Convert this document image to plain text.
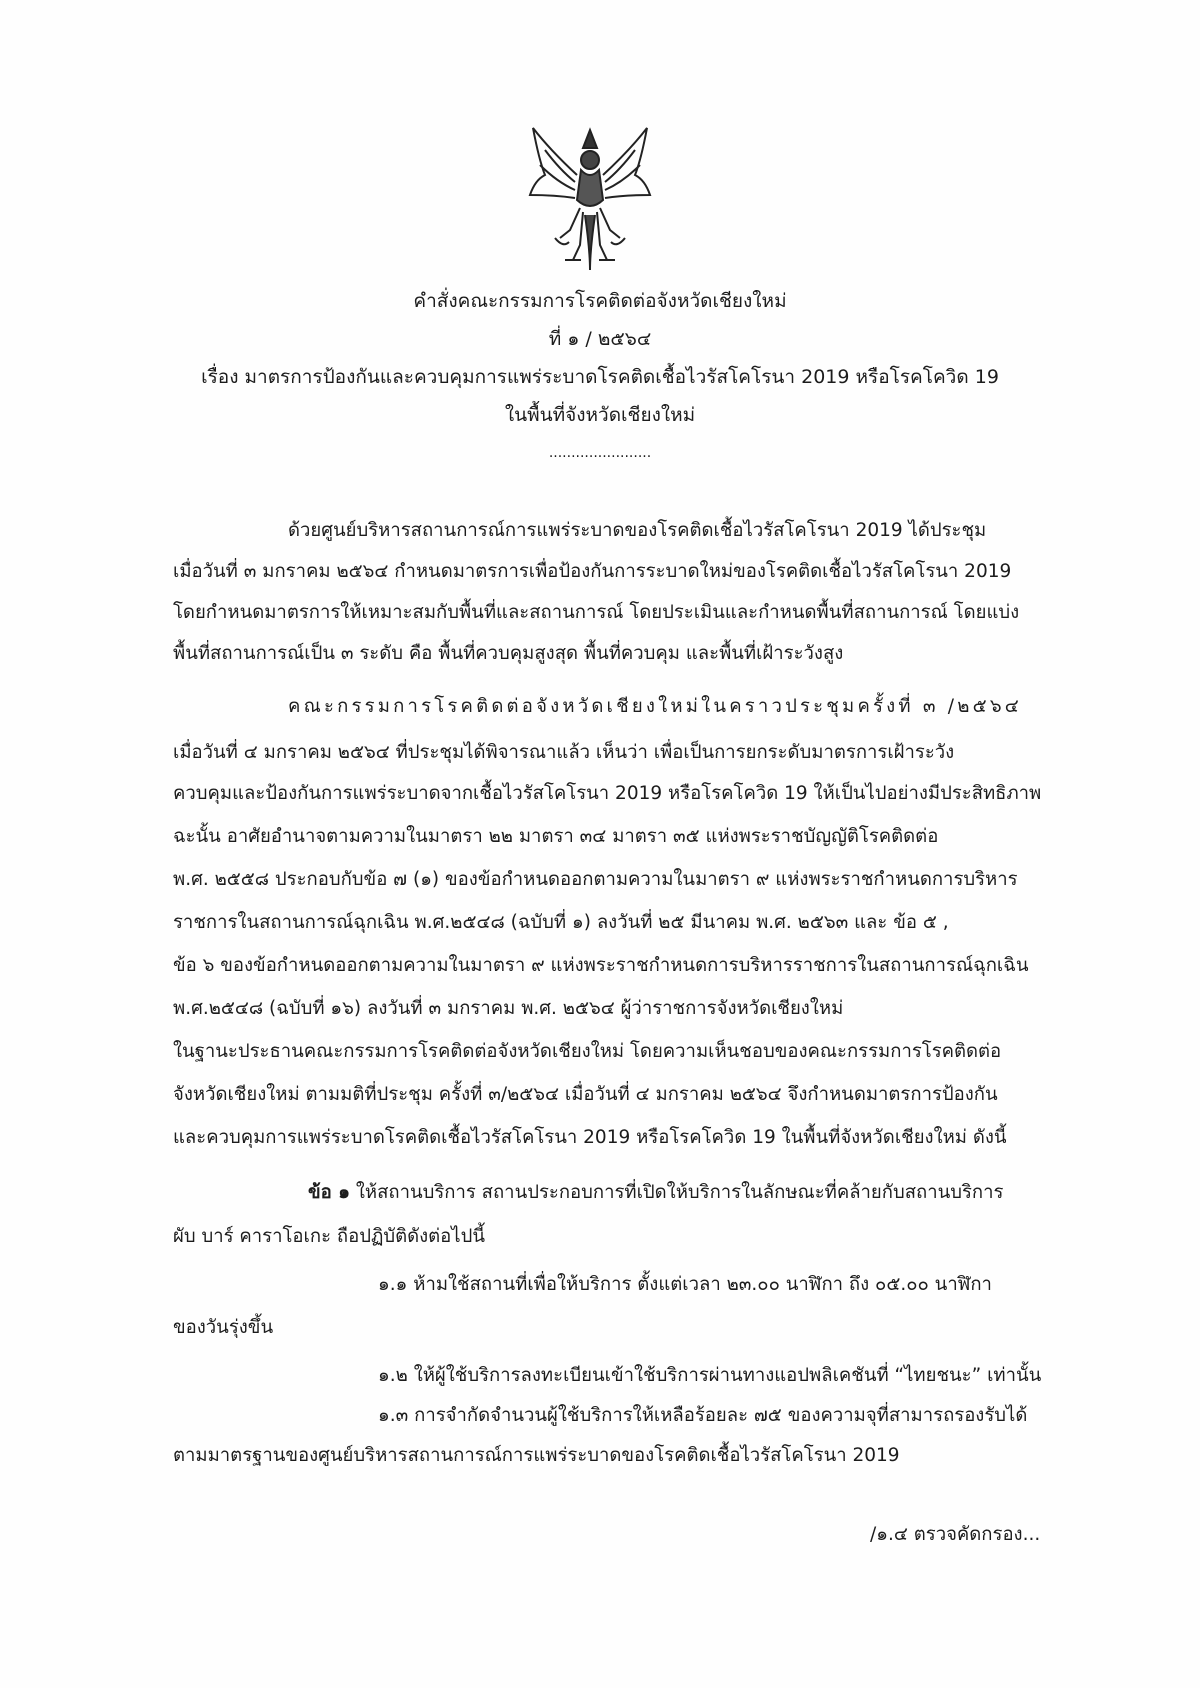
คำสั่งคณะกรรมการโรคติดต่อจังหวัดเชียงใหม่
ที่ ๑ / ๒๕๖๔
เรื่อง มาตรการป้องกันและควบคุมการแพร่ระบาดโรคติดเชื้อไวรัสโคโรนา 2019 หรือโรคโควิด 19
ในพื้นที่จังหวัดเชียงใหม่
.......................
ด้วยศูนย์บริหารสถานการณ์การแพร่ระบาดของโรคติดเชื้อไวรัสโคโรนา 2019 ได้ประชุม
เมื่อวันที่ ๓ มกราคม ๒๕๖๔ กำหนดมาตรการเพื่อป้องกันการระบาดใหม่ของโรคติดเชื้อไวรัสโคโรนา 2019
โดยกำหนดมาตรการให้เหมาะสมกับพื้นที่และสถานการณ์ โดยประเมินและกำหนดพื้นที่สถานการณ์ โดยแบ่ง
พื้นที่สถานการณ์เป็น ๓ ระดับ คือ พื้นที่ควบคุมสูงสุด พื้นที่ควบคุม และพื้นที่เฝ้าระวังสูง
คณะกรรมการโรคติดต่อจังหวัดเชียงใหม่ในคราวประชุมครั้งที่ ๓ /๒๕๖๔
เมื่อวันที่ ๔ มกราคม ๒๕๖๔ ที่ประชุมได้พิจารณาแล้ว เห็นว่า เพื่อเป็นการยกระดับมาตรการเฝ้าระวัง
ควบคุมและป้องกันการแพร่ระบาดจากเชื้อไวรัสโคโรนา 2019 หรือโรคโควิด 19 ให้เป็นไปอย่างมีประสิทธิภาพ
ฉะนั้น อาศัยอำนาจตามความในมาตรา ๒๒ มาตรา ๓๔ มาตรา ๓๕ แห่งพระราชบัญญัติโรคติดต่อ
พ.ศ. ๒๕๕๘ ประกอบกับข้อ ๗ (๑) ของข้อกำหนดออกตามความในมาตรา ๙ แห่งพระราชกำหนดการบริหาร
ราชการในสถานการณ์ฉุกเฉิน พ.ศ.๒๕๔๘ (ฉบับที่ ๑) ลงวันที่ ๒๕ มีนาคม พ.ศ. ๒๕๖๓ และ ข้อ ๕ ,
ข้อ ๖ ของข้อกำหนดออกตามความในมาตรา ๙ แห่งพระราชกำหนดการบริหารราชการในสถานการณ์ฉุกเฉิน
พ.ศ.๒๕๔๘ (ฉบับที่ ๑๖) ลงวันที่ ๓ มกราคม พ.ศ. ๒๕๖๔ ผู้ว่าราชการจังหวัดเชียงใหม่
ในฐานะประธานคณะกรรมการโรคติดต่อจังหวัดเชียงใหม่ โดยความเห็นชอบของคณะกรรมการโรคติดต่อ
จังหวัดเชียงใหม่ ตามมติที่ประชุม ครั้งที่ ๓/๒๕๖๔ เมื่อวันที่ ๔ มกราคม ๒๕๖๔ จึงกำหนดมาตรการป้องกัน
และควบคุมการแพร่ระบาดโรคติดเชื้อไวรัสโคโรนา 2019 หรือโรคโควิด 19 ในพื้นที่จังหวัดเชียงใหม่ ดังนี้
ข้อ ๑ ให้สถานบริการ สถานประกอบการที่เปิดให้บริการในลักษณะที่คล้ายกับสถานบริการ
ผับ บาร์ คาราโอเกะ ถือปฏิบัติดังต่อไปนี้
๑.๑ ห้ามใช้สถานที่เพื่อให้บริการ ตั้งแต่เวลา ๒๓.๐๐ นาฬิกา ถึง ๐๕.๐๐ นาฬิกา
ของวันรุ่งขึ้น
๑.๒ ให้ผู้ใช้บริการลงทะเบียนเข้าใช้บริการผ่านทางแอปพลิเคชันที่ “ไทยชนะ” เท่านั้น
๑.๓ การจำกัดจำนวนผู้ใช้บริการให้เหลือร้อยละ ๗๕ ของความจุที่สามารถรองรับได้
ตามมาตรฐานของศูนย์บริหารสถานการณ์การแพร่ระบาดของโรคติดเชื้อไวรัสโคโรนา 2019
/๑.๔ ตรวจคัดกรอง...
